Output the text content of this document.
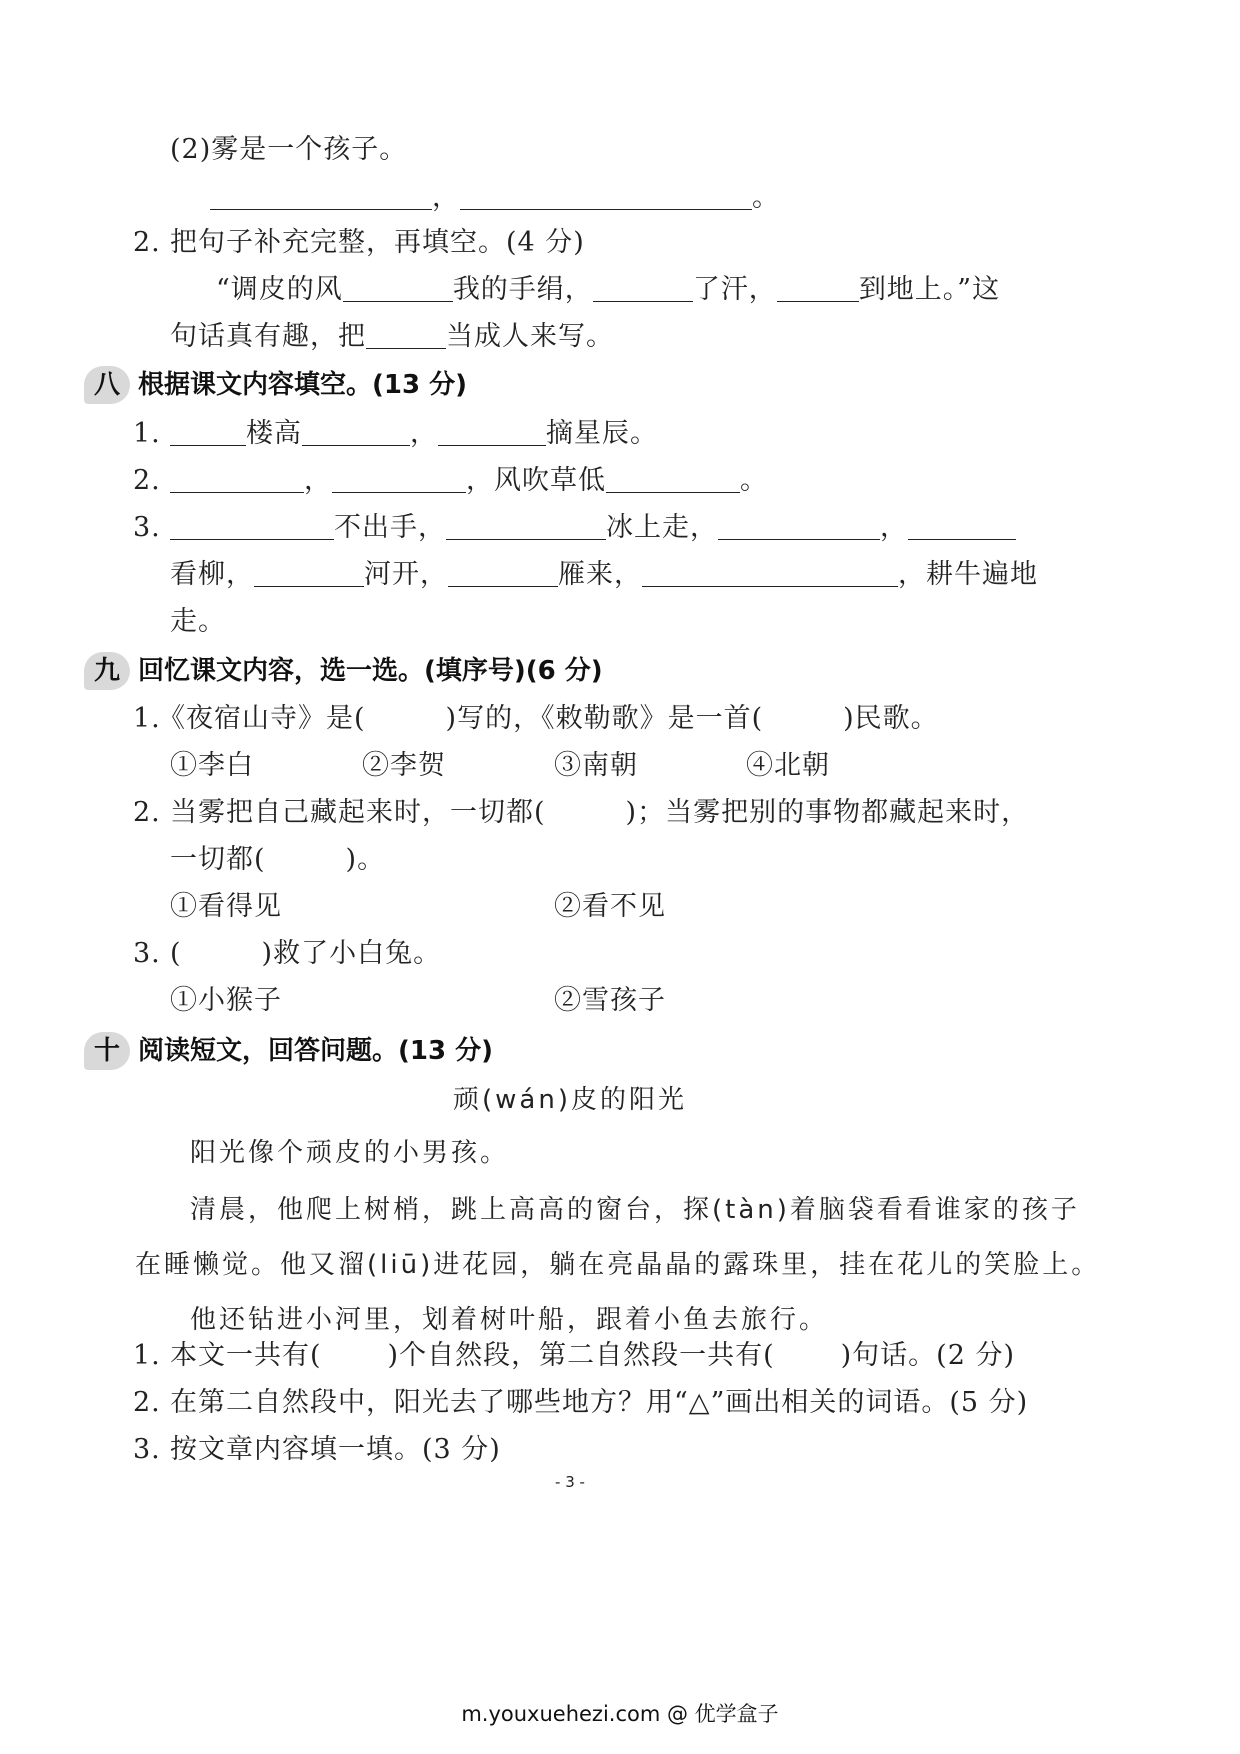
(2)雾是一个孩子。
，	。
2. 把句子补充完整，再填空。(4 分)
“调皮的风	我的手绢，	了汗，	到地上。”这
句话真有趣，把	当成人来写。
八 根据课文内容填空。(13 分)
1.	楼高	，	摘星辰。
2.	，	，风吹草低	。
3.	不出手，	冰上走，	，
看柳，	河开，	雁来，	，耕牛遍地
走。
九 回忆课文内容，选一选。(填序号)(6 分)
1.
《夜宿山寺》是(	)写的，《敕勒歌》是一首(	)民歌。
①李白	②李贺	③南朝	④北朝
2. 当雾把自己藏起来时，一切都(	)；当雾把别的事物都藏起来时，
一切都(	)。
①看得见	②看不见
3. (	)救了小白兔。
①小猴子	②雪孩子
十 阅读短文，回答问题。(13 分)
顽(wán)皮的阳光
阳光像个顽皮的小男孩。
清晨，他爬上树梢，跳上高高的窗台，探(tàn)着脑袋看看谁家的孩子
在睡懒觉。他又溜(liū)进花园，躺在亮晶晶的露珠里，挂在花儿的笑脸上。
他还钻进小河里，划着树叶船，跟着小鱼去旅行。
1. 本文一共有( )个自然段，第二自然段一共有( )句话。(2 分)
2. 在第二自然段中，阳光去了哪些地方？用“△”画出相关的词语。(5 分)
3. 按文章内容填一填。(3 分)
- 3 -
m.youxuehezi.com @ 优学盒子
